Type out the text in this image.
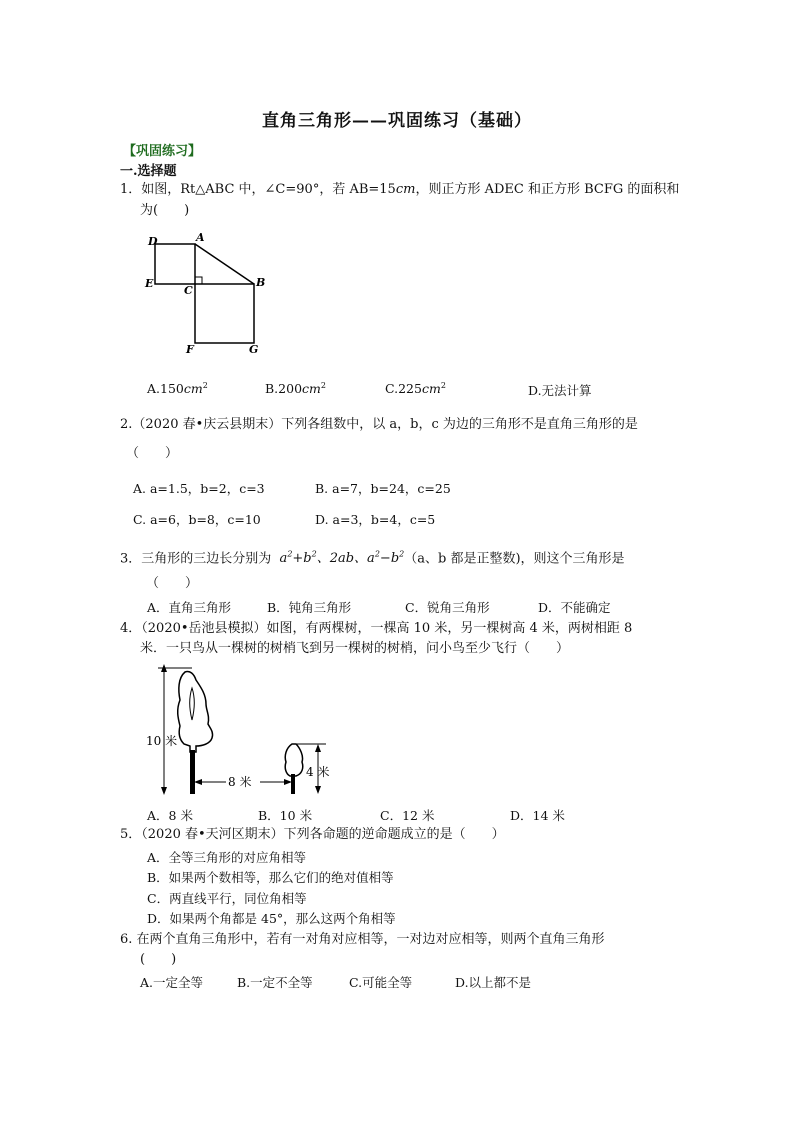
直角三角形——巩固练习（基础）
【巩固练习】
一.选择题
1．如图，Rt△ABC 中，∠C=90°，若 AB=15cm，则正方形 ADEC 和正方形 BCFG 的面积和
为(　　)
D	A
E
C
B
F	G
$A.150cm^2$	$B.200cm^2$	$C.225cm^2$	D.无法计算
2.（2020 春•庆云县期末）下列各组数中，以 a，b，c 为边的三角形不是直角三角形的是
（　　）
A. a=1.5，b=2，c=3	B. a=7，b=24，c=25
C. a=6，b=8，c=10	D. a=3，b=4，c=5
3．三角形的三边长分别为  $a^2+b^2$、2ab、$a^2-b^2(a$、b 都是正整数)，则这个三角形是
（　　）
A．直角三角形	B．钝角三角形	C．锐角三角形	D．不能确定
4．（2020•岳池县模拟）如图，有两棵树，一棵高 10 米，另一棵树高 4 米，两树相距 8
米．一只鸟从一棵树的树梢飞到另一棵树的树梢，问小鸟至少飞行（　　）
10 米
8 米
4 米
A．8 米	B．10 米	C．12 米	D．14 米
5．（2020 春•天河区期末）下列各命题的逆命题成立的是（　　）
A．全等三角形的对应角相等
B．如果两个数相等，那么它们的绝对值相等
C．两直线平行，同位角相等
D．如果两个角都是 45°，那么这两个角相等
6. 在两个直角三角形中，若有一对角对应相等，一对边对应相等，则两个直角三角形
(　　)
A.一定全等	B.一定不全等	C.可能全等	D.以上都不是
